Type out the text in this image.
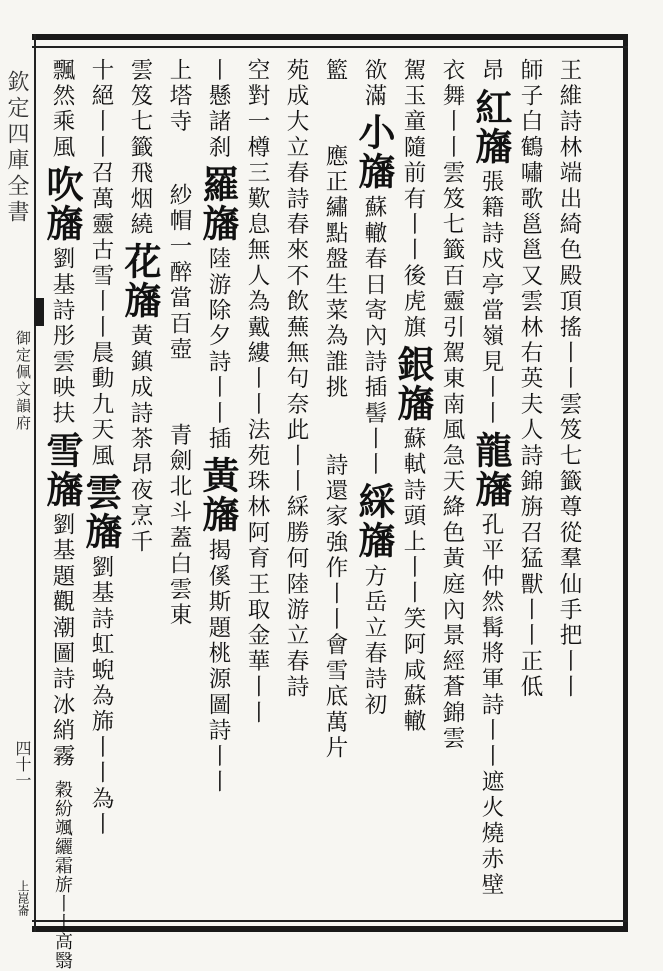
欽定四庫全書
御定佩文韻府
四十一
王維詩林端出綺色殿頂搖丨丨雲笈七籤尊從羣仙手把丨丨
師子白鶴嘯歌邕邕又雲林右英夫人詩錦旃召猛獸丨丨正低
昂紅旛張籍詩戍亭當嶺見丨丨龍旛孔平仲然髯將軍詩丨丨遮火燒赤壁
衣舞丨丨雲笈七籤百靈引駕東南風急天絳色黃庭內景經蒼錦雲
駕玉童隨前有丨丨後虎旗銀旛蘇軾詩頭上丨丨笑阿咸蘇轍
欲滿小旛蘇轍春日寄內詩插髻丨丨綵旛方岳立春詩初
籃應正繡點盤生菜為誰挑詩還家強作丨丨會雪底萬片
苑成大立春詩春來不飲蕪無句奈此丨丨綵勝何陸游立春詩
空對一樽三歎息無人為戴縷丨丨法苑珠林阿育王取金華丨丨
丨懸諸刹羅旛陸游除夕詩丨丨插黃旛揭傒斯題桃源圖詩丨丨
上塔寺紗帽一醉當百壺青劍北斗蓋白雲東
雲笈七籤飛烟繞花旛黃鎮成詩茶昂夜烹千
十絕丨丨召萬靈古雪丨丨晨動九天風雲旛劉基詩虹蜺為旆丨丨為丨
飄然乘風吹旛劉基詩彤雲映扶雪旛劉基題觀潮圖詩冰綃霧
穀紛颯纚霜旂丨丨高翳
上崑崙
